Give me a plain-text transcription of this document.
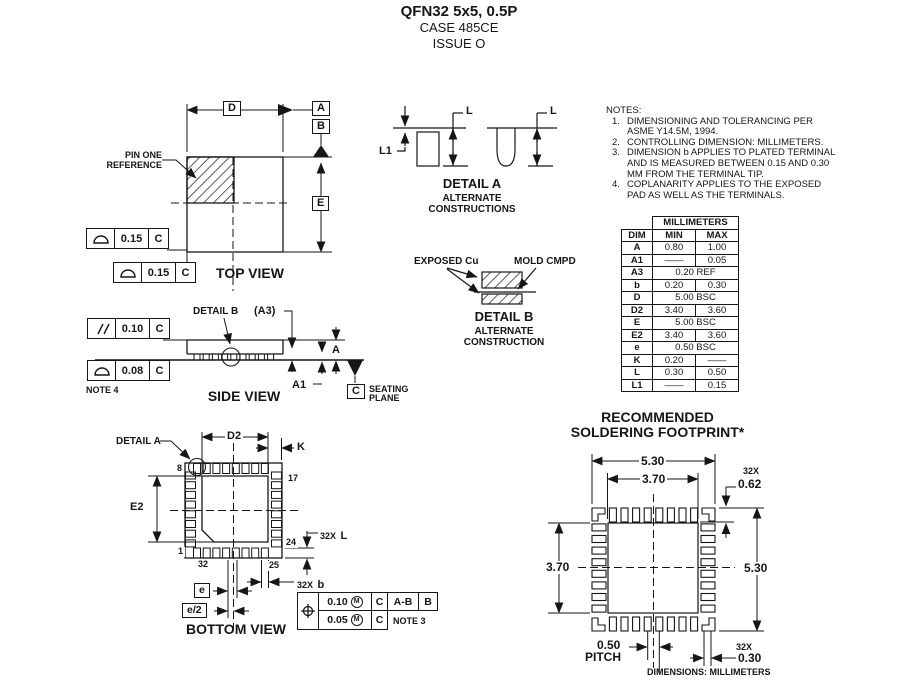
QFN32 5x5, 0.5P
CASE 485CE
ISSUE O
NOTES:
1. DIMENSIONING AND TOLERANCING PER ASME Y14.5M, 1994.
2. CONTROLLING DIMENSION: MILLIMETERS.
3. DIMENSION b APPLIES TO PLATED TERMINAL AND IS MEASURED BETWEEN 0.15 AND 0.30 MM FROM THE TERMINAL TIP.
4. COPLANARITY APPLIES TO THE EXPOSED PAD AS WELL AS THE TERMINALS.
	MILLIMETERS	
DIM	MIN	MAX
A	0.80	1.00
A1	——	0.05
A3	0.20 REF	
b	0.20	0.30
D	5.00 BSC	
D2	3.40	3.60
E	5.00 BSC	
E2	3.40	3.60
e	0.50 BSC	
K	0.20	——
L	0.30	0.50
L1	——	0.15
PIN ONE
REFERENCE
D	A
B
E
0.15	C
0.15	C	TOP VIEW
L1
L	L
DETAIL A
ALTERNATE
CONSTRUCTIONS
0.10	C
0.08	C
NOTE 4
DETAIL B (A3)
A
A1	C	SEATING
PLANE
SIDE VIEW
EXPOSED Cu	MOLD CMPD
DETAIL B
ALTERNATE
CONSTRUCTION
DETAIL A	D2
K
E2
32X L
32X b
e
e/2
8
17
1
24
32	25
BOTTOM VIEW
0.10 M	C A-B	B
0.05 M	C	NOTE 3
RECOMMENDED
SOLDERING FOOTPRINT*
5.30
3.70
32X
0.62
3.70	5.30
0.50
PITCH
32X
0.30
DIMENSIONS: MILLIMETERS
